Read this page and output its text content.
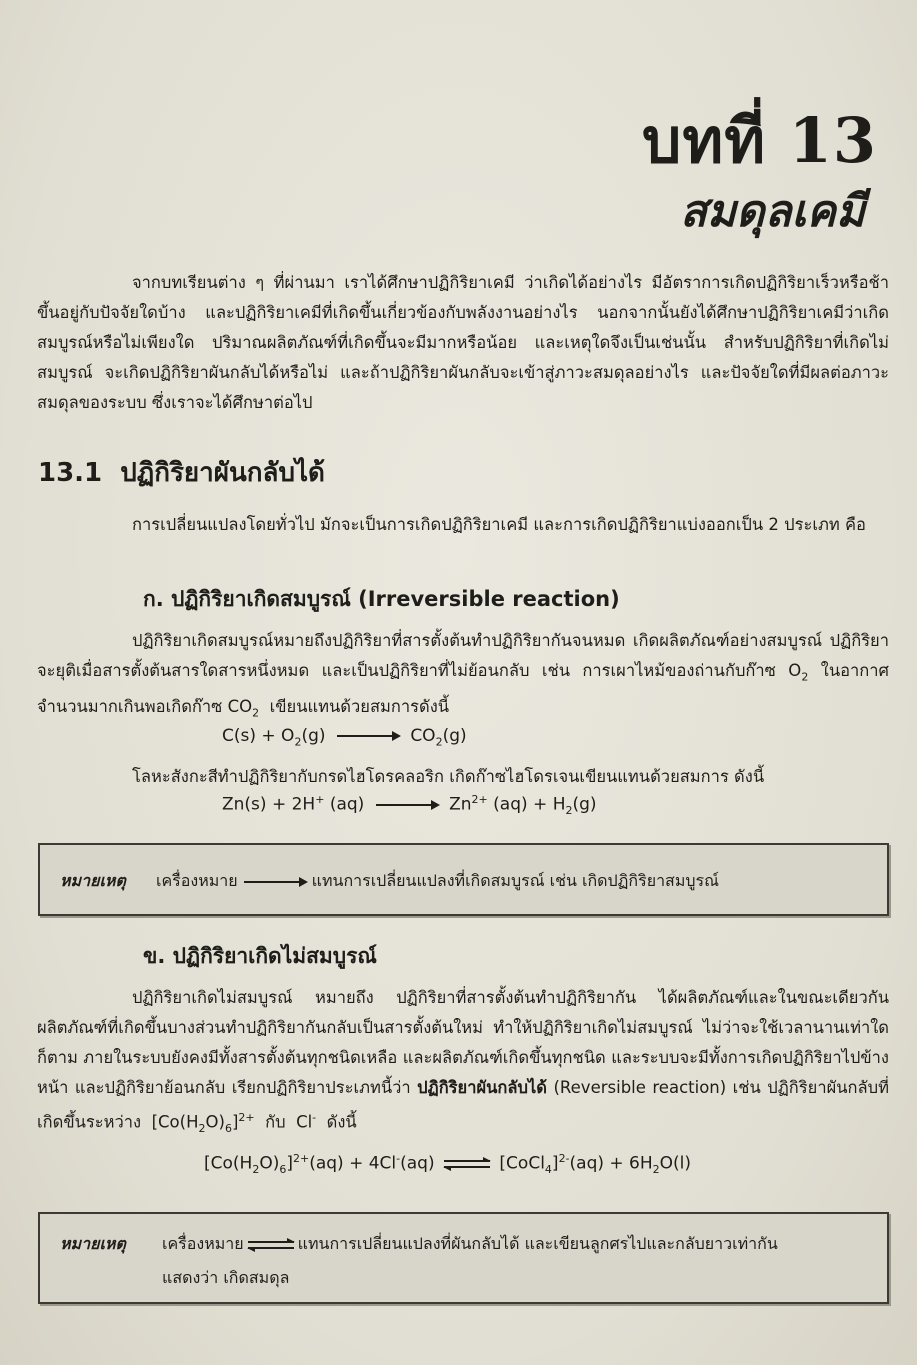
บทที่ 13
สมดุลเคมี

จากบทเรียนต่าง ๆ ที่ผ่านมา เราได้ศึกษาปฏิกิริยาเคมี ว่าเกิดได้อย่างไร มีอัตราการเกิดปฏิกิริยาเร็วหรือช้า ขึ้นอยู่กับปัจจัยใดบ้าง และปฏิกิริยาเคมีที่เกิดขึ้นเกี่ยวข้องกับพลังงานอย่างไร นอกจากนั้นยังได้ศึกษาปฏิกิริยาเคมีว่าเกิดสมบูรณ์หรือไม่เพียงใด ปริมาณผลิตภัณฑ์ที่เกิดขึ้นจะมีมากหรือน้อย และเหตุใดจึงเป็นเช่นนั้น สำหรับปฏิกิริยาที่เกิดไม่สมบูรณ์ จะเกิดปฏิกิริยาผันกลับได้หรือไม่ และถ้าปฏิกิริยาผันกลับจะเข้าสู่ภาวะสมดุลอย่างไร และปัจจัยใดที่มีผลต่อภาวะสมดุลของระบบ ซึ่งเราจะได้ศึกษาต่อไป

13.1 ปฏิกิริยาผันกลับได้

การเปลี่ยนแปลงโดยทั่วไป มักจะเป็นการเกิดปฏิกิริยาเคมี และการเกิดปฏิกิริยาแบ่งออกเป็น 2 ประเภท คือ

ก. ปฏิกิริยาเกิดสมบูรณ์ (Irreversible reaction)

ปฏิกิริยาเกิดสมบูรณ์หมายถึงปฏิกิริยาที่สารตั้งต้นทำปฏิกิริยากันจนหมด เกิดผลิตภัณฑ์อย่างสมบูรณ์ ปฏิกิริยาจะยุติเมื่อสารตั้งต้นสารใดสารหนึ่งหมด และเป็นปฏิกิริยาที่ไม่ย้อนกลับ เช่น การเผาไหม้ของถ่านกับก๊าซ $O_2$ ในอากาศจำนวนมากเกินพอเกิดก๊าซ $CO_2$ เขียนแทนด้วยสมการดังนี้

$C(s) + O_2(g)$	$CO_2(g)$

โลหะสังกะสีทำปฏิกิริยากับกรดไฮโดรคลอริก เกิดก๊าซไฮโดรเจนเขียนแทนด้วยสมการ ดังนี้

Zn(s) + 2H+ (aq)	$Zn^{2+}$ $(aq) + H_2(g)$
หมายเหตุ เครื่องหมาย	แทนการเปลี่ยนแปลงที่เกิดสมบูรณ์ เช่น เกิดปฏิกิริยาสมบูรณ์
ข. ปฏิกิริยาเกิดไม่สมบูรณ์

ปฏิกิริยาเกิดไม่สมบูรณ์ หมายถึง ปฏิกิริยาที่สารตั้งต้นทำปฏิกิริยากัน ได้ผลิตภัณฑ์และในขณะเดียวกัน ผลิตภัณฑ์ที่เกิดขึ้นบางส่วนทำปฏิกิริยากันกลับเป็นสารตั้งต้นใหม่ ทำให้ปฏิกิริยาเกิดไม่สมบูรณ์ ไม่ว่าจะใช้เวลานานเท่าใดก็ตาม ภายในระบบยังคงมีทั้งสารตั้งต้นทุกชนิดเหลือ และผลิตภัณฑ์เกิดขึ้นทุกชนิด และระบบจะมีทั้งการเกิดปฏิกิริยาไปข้างหน้า และปฏิกิริยาย้อนกลับ เรียกปฏิกิริยาประเภทนี้ว่า ปฏิกิริยาผันกลับได้ (Reversible reaction) เช่น ปฏิกิริยาผันกลับที่เกิดขึ้นระหว่าง $[Co(H_2O)_6]^{2+}$ กับ Cl- ดังนี้

$[Co(H_2O)_6]^{2+}(aq) + 4Cl^-(aq)$	[CoCl$_4$]$^{2-}$(aq) + $6H_2O(l)$
หมายเหตุ เครื่องหมาย	แทนการเปลี่ยนแปลงที่ผันกลับได้ และเขียนลูกศรไปและกลับยาวเท่ากัน
แสดงว่า เกิดสมดุล
